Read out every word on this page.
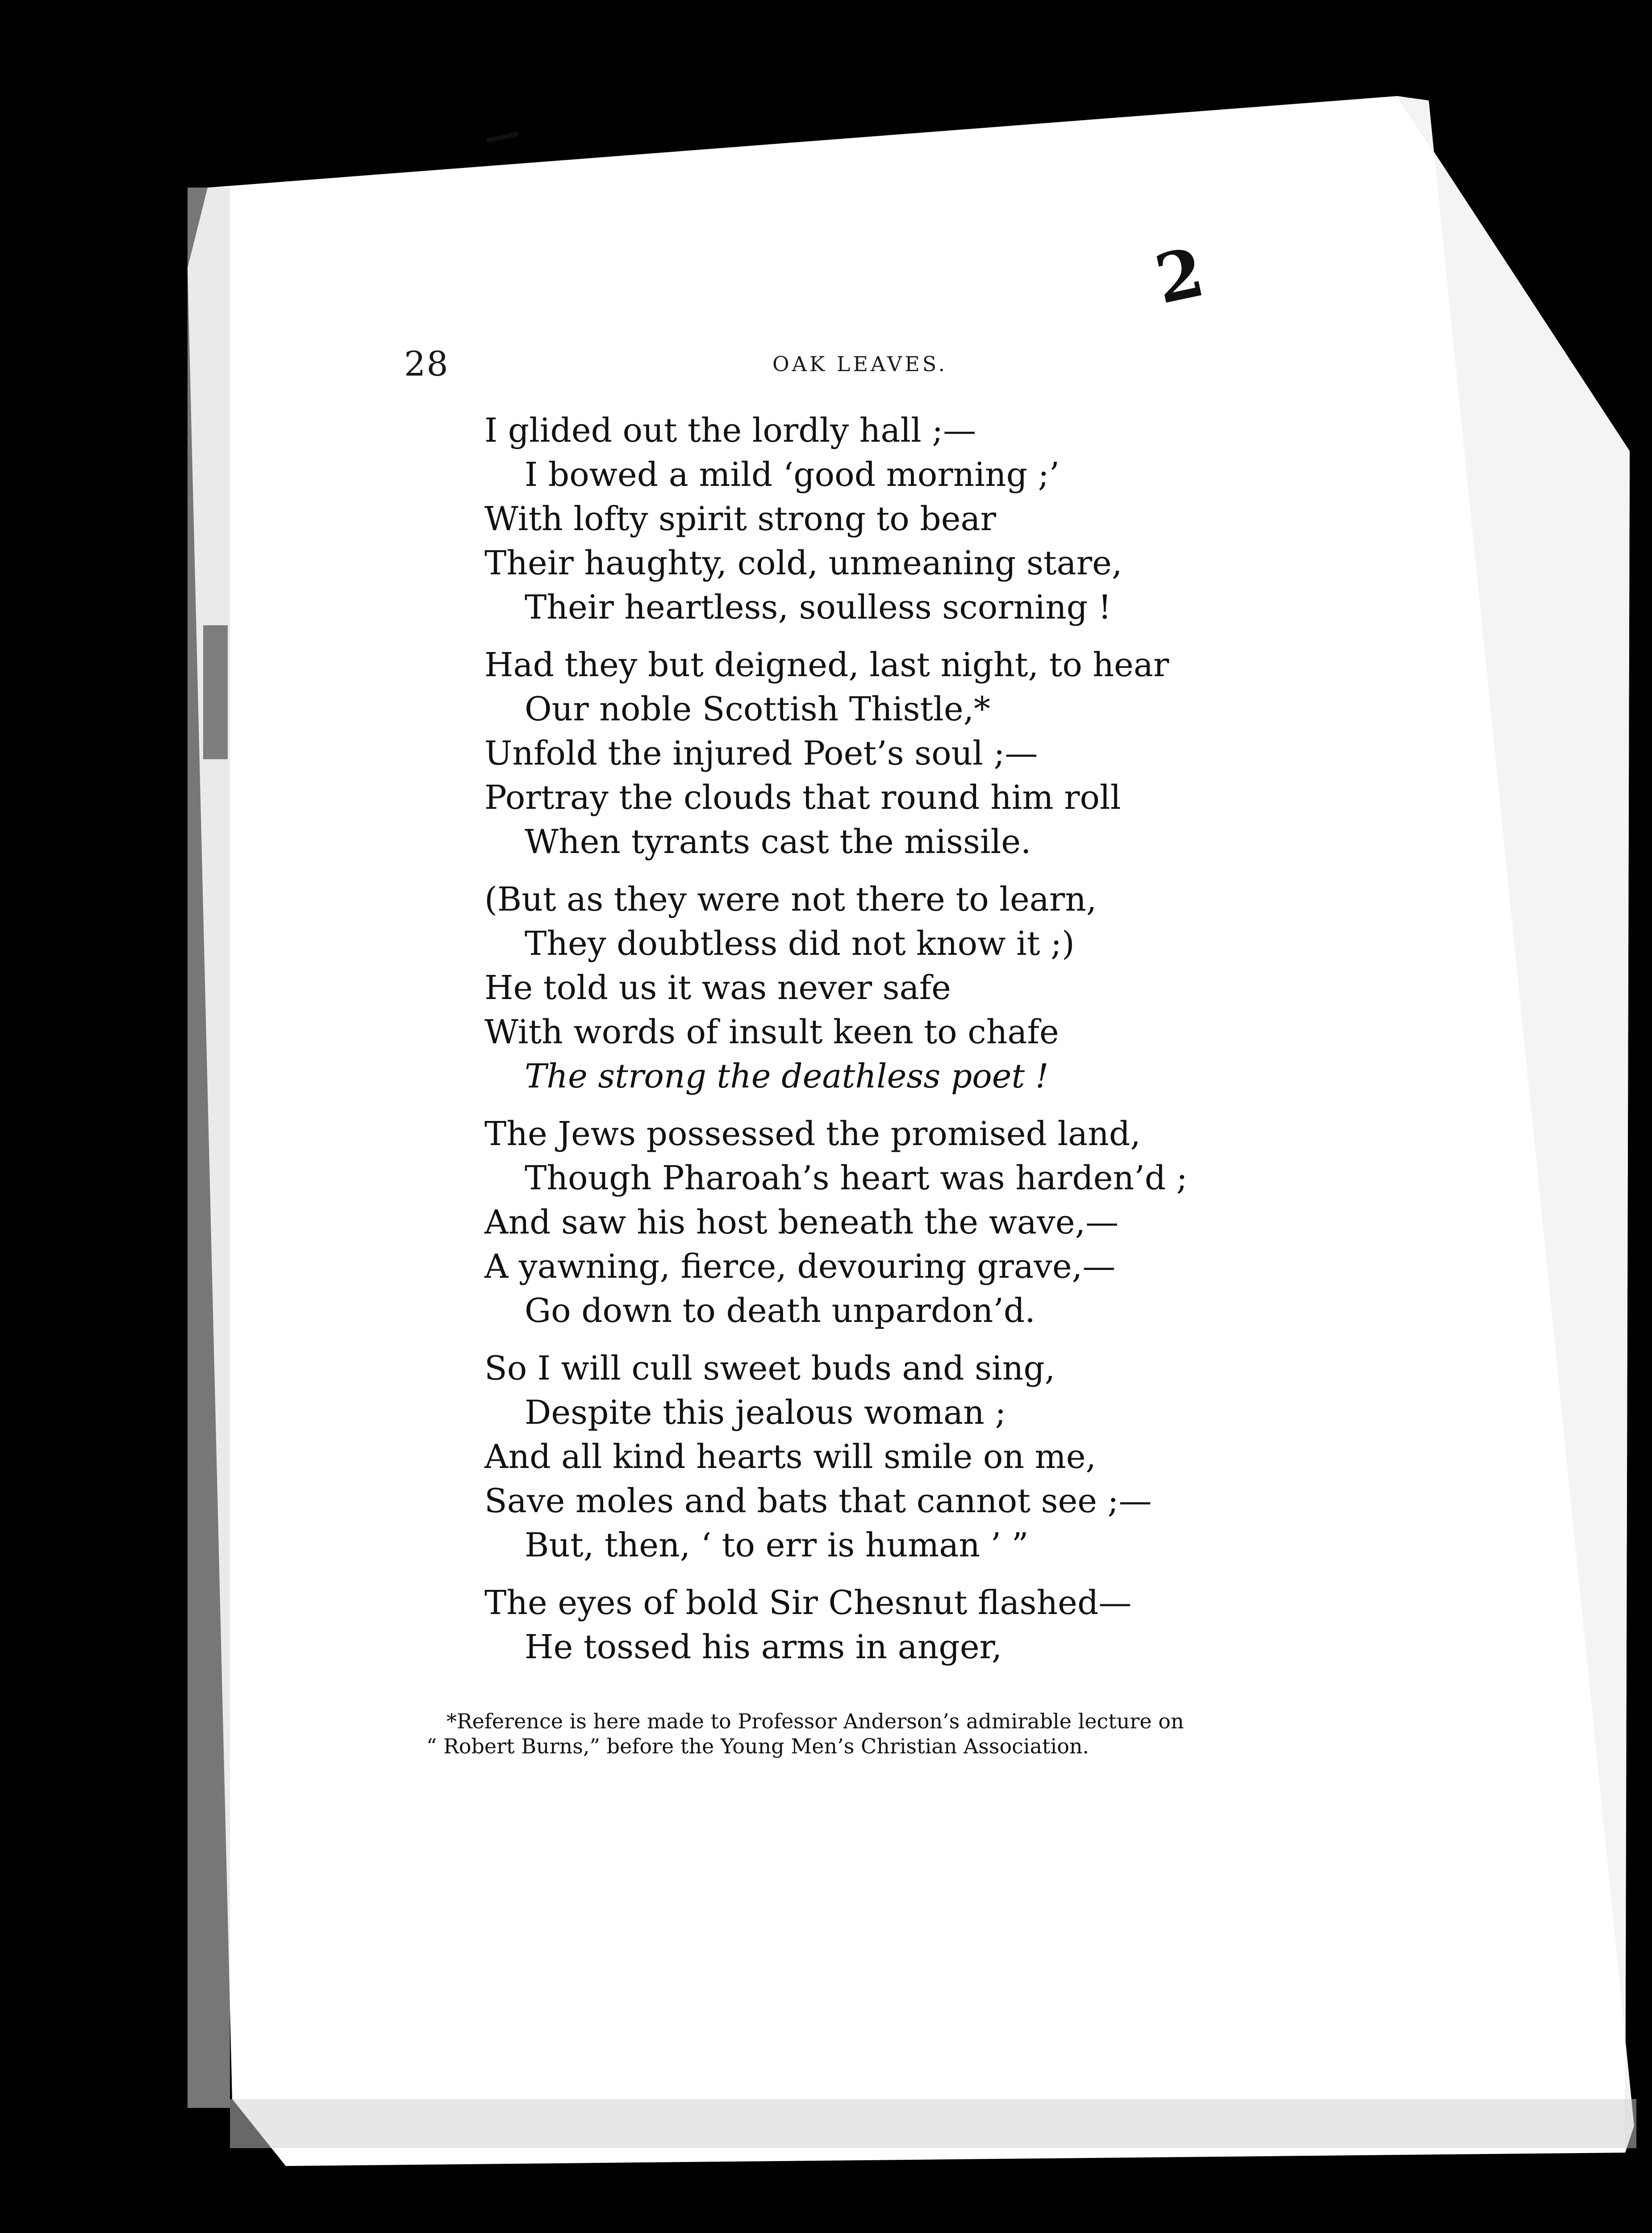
28	OAK LEAVES.
2
I glided out the lordly hall ;—
I bowed a mild ‘good morning ;’
With lofty spirit strong to bear
Their haughty, cold, unmeaning stare,
Their heartless, soulless scorning !
Had they but deigned, last night, to hear
Our noble Scottish Thistle,*
Unfold the injured Poet’s soul ;—
Portray the clouds that round him roll
When tyrants cast the missile.
(But as they were not there to learn,
They doubtless did not know it ;)
He told us it was never safe
With words of insult keen to chafe
The strong the deathless poet !
The Jews possessed the promised land,
Though Pharoah’s heart was harden’d ;
And saw his host beneath the wave,—
A yawning, fierce, devouring grave,—
Go down to death unpardon’d.
So I will cull sweet buds and sing,
Despite this jealous woman ;
And all kind hearts will smile on me,
Save moles and bats that cannot see ;—
But, then, ‘ to err is human ’ ”
The eyes of bold Sir Chesnut flashed—
He tossed his arms in anger,
*Reference is here made to Professor Anderson’s admirable lecture on
“ Robert Burns,” before the Young Men’s Christian Association.
